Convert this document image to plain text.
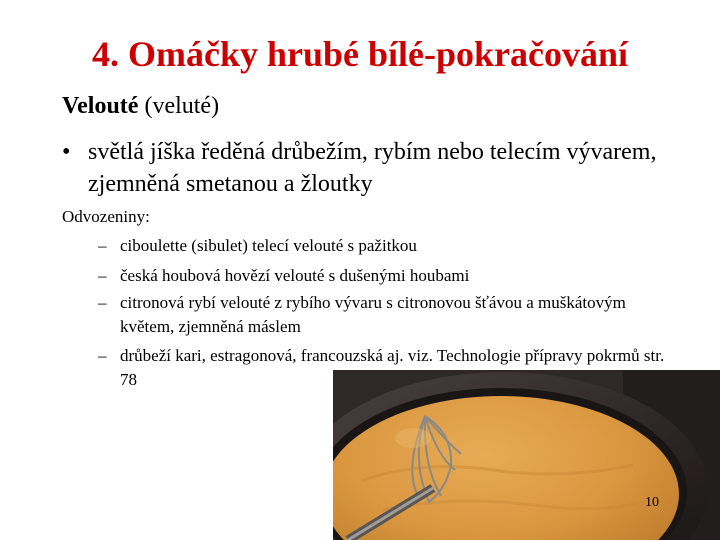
4. Omáčky hrubé bílé-pokračování
Velouté (veluté)
• světlá jíška ředěná drůbežím, rybím nebo telecím vývarem, zjemněná smetanou a žloutky
Odvozeniny:
– ciboulette (sibulet) telecí velouté s pažitkou
– česká houbová hovězí velouté s dušenými houbami
– citronová rybí velouté z rybího vývaru s citronovou šťávou a muškátovým květem, zjemněná máslem
– drůbeží kari, estragonová, francouzská aj. viz. Technologie přípravy pokrmů str. 78
10
